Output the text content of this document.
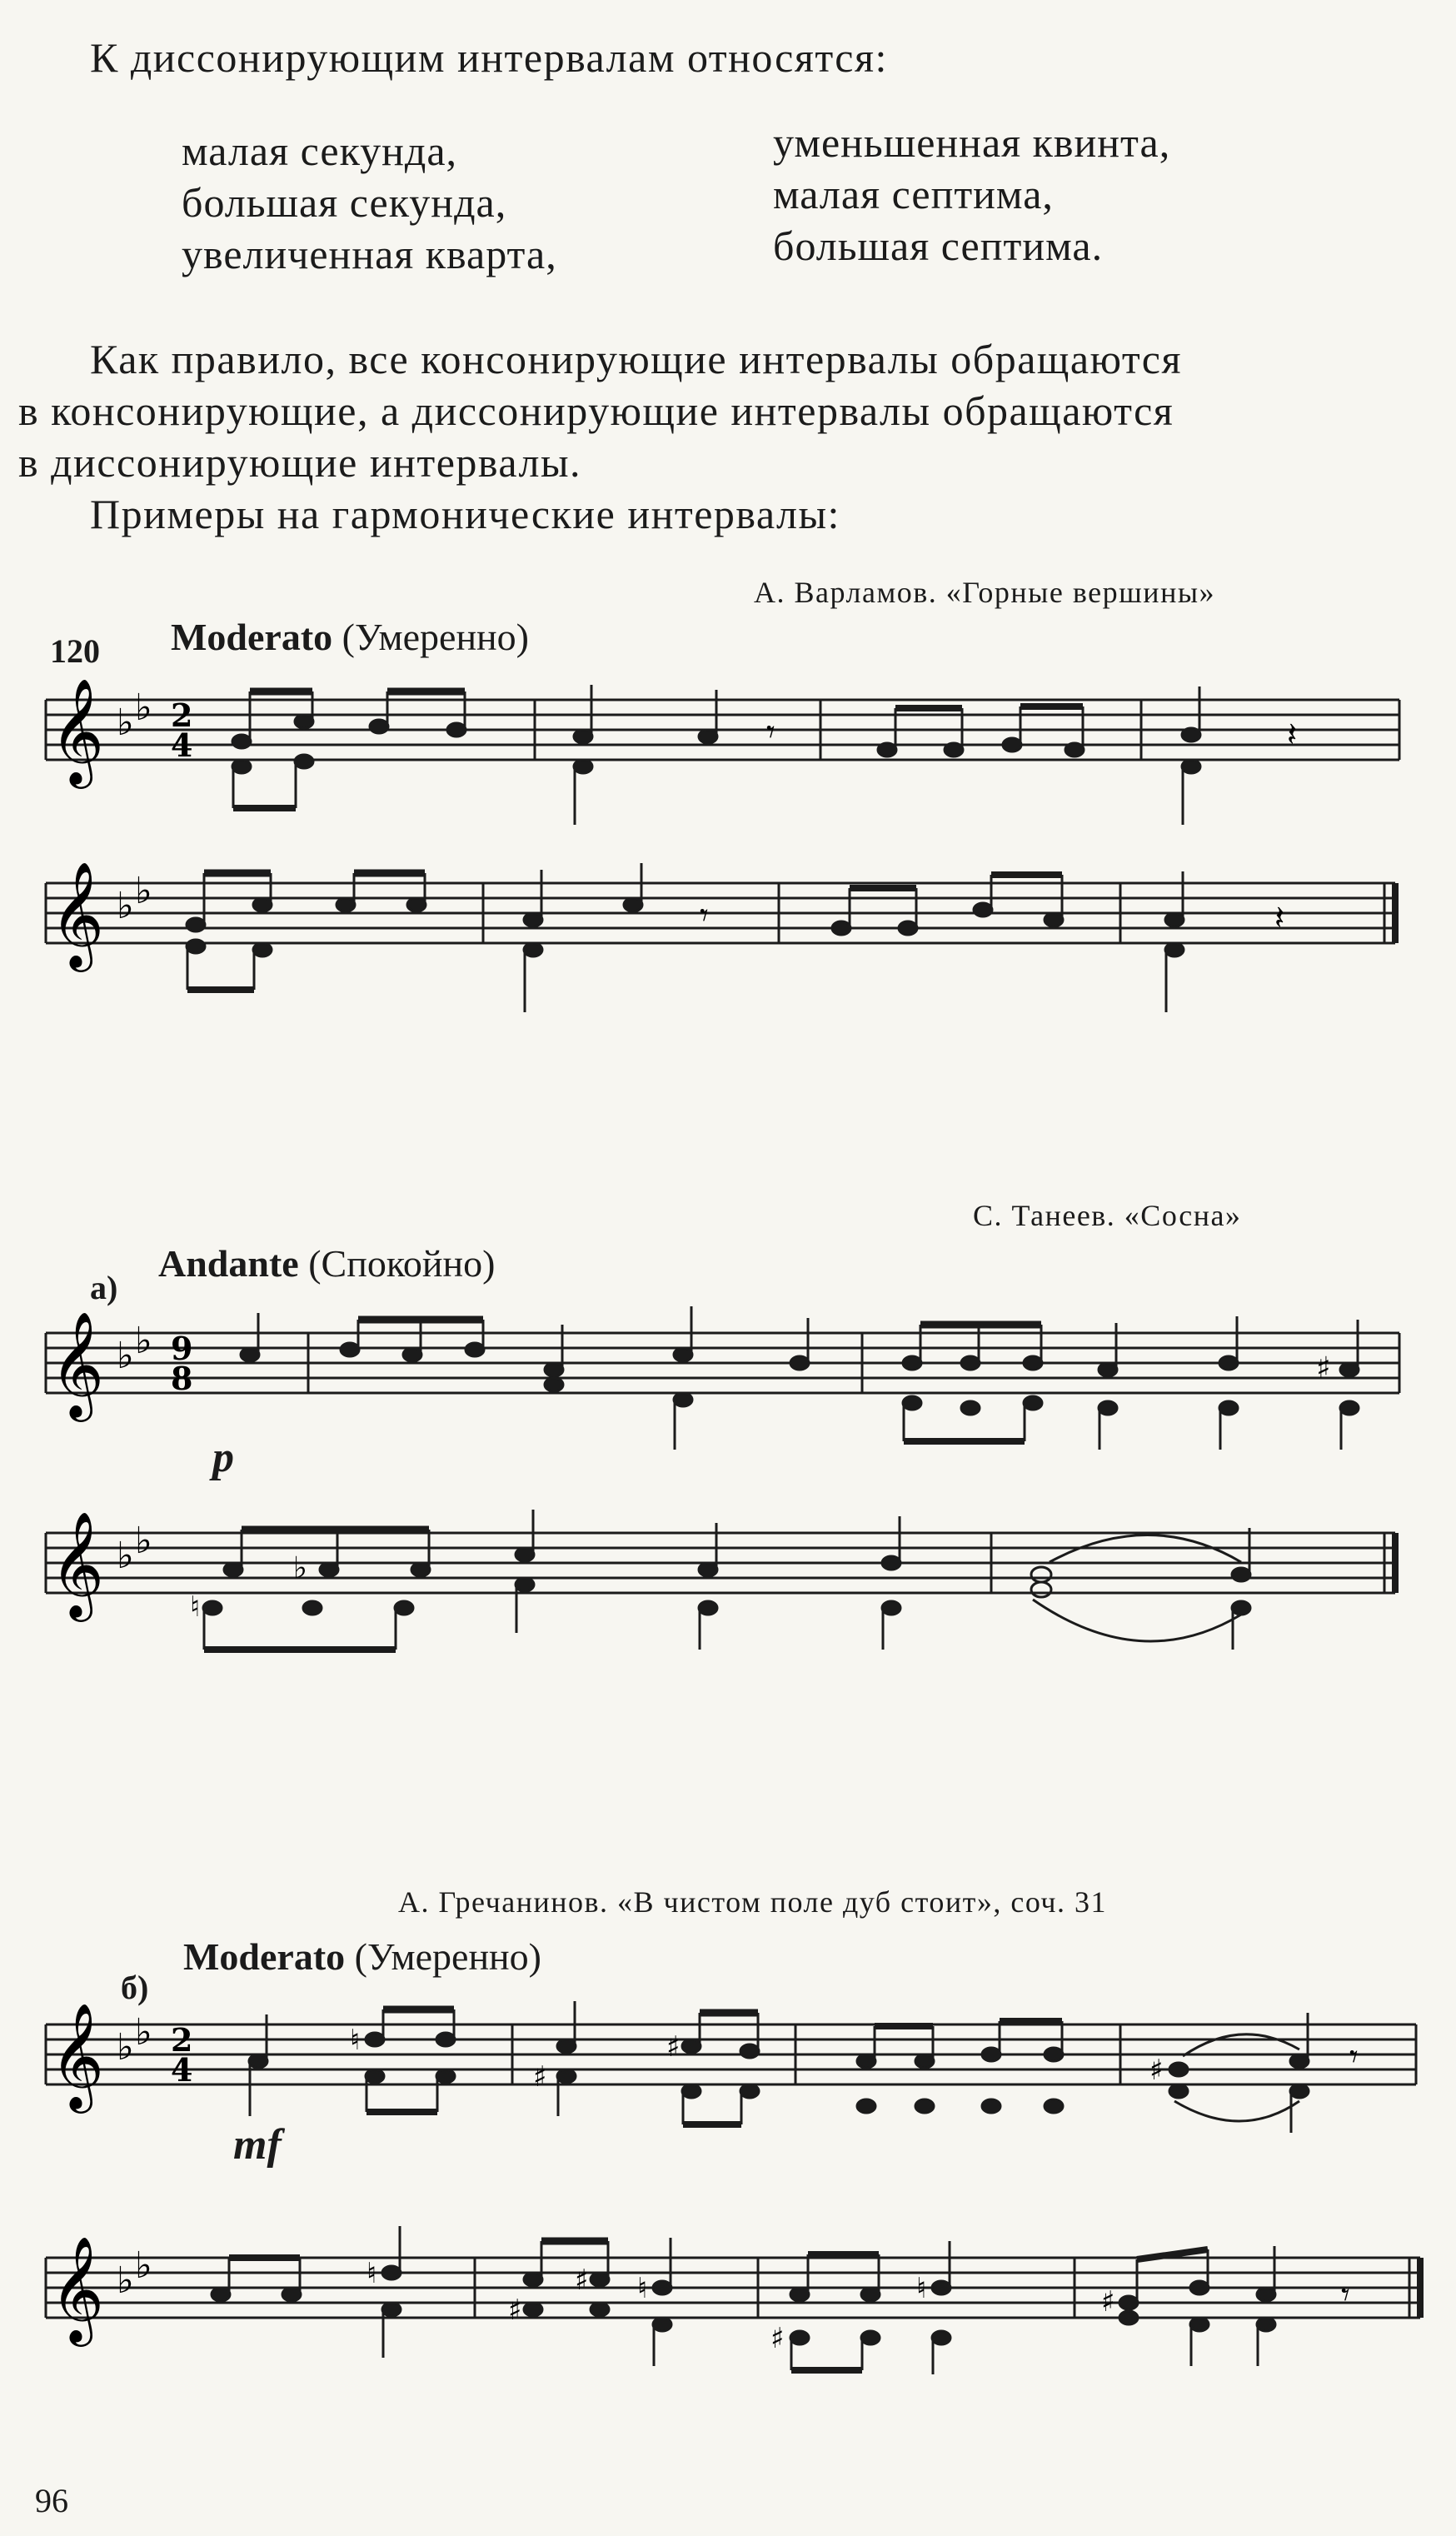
К диссонирующим интервалам относятся:
малая секунда,
большая секунда,
увеличенная кварта,
уменьшенная квинта,
малая септима,
большая септима.
Как правило, все консонирующие интервалы обращаются
в консонирующие, а диссонирующие интервалы обращаются
в диссонирующие интервалы.
Примеры на гармонические интервалы:
А. Варламов. «Горные вершины»
120 Moderato (Умеренно)
𝄞 ♭ ♭ 2
4	𝄾	𝄽
𝄞 ♭ ♭
𝄾	𝄽
С. Танеев. «Сосна»
а)
Andante (Спокойно)
𝄞 ♭ ♭ 9
8	♯
p
𝄞 ♭ ♭
♭
♮
А. Гречанинов. «В чистом поле дуб стоит», соч. 31
б)
Moderato (Умеренно)
𝄞 ♭ ♭ 2
4	𝄾
♮
♯
♯
♯
mf
𝄞 ♭ ♭
𝄾
♮
♯
♯ ♮
♯
♮	♯
96
